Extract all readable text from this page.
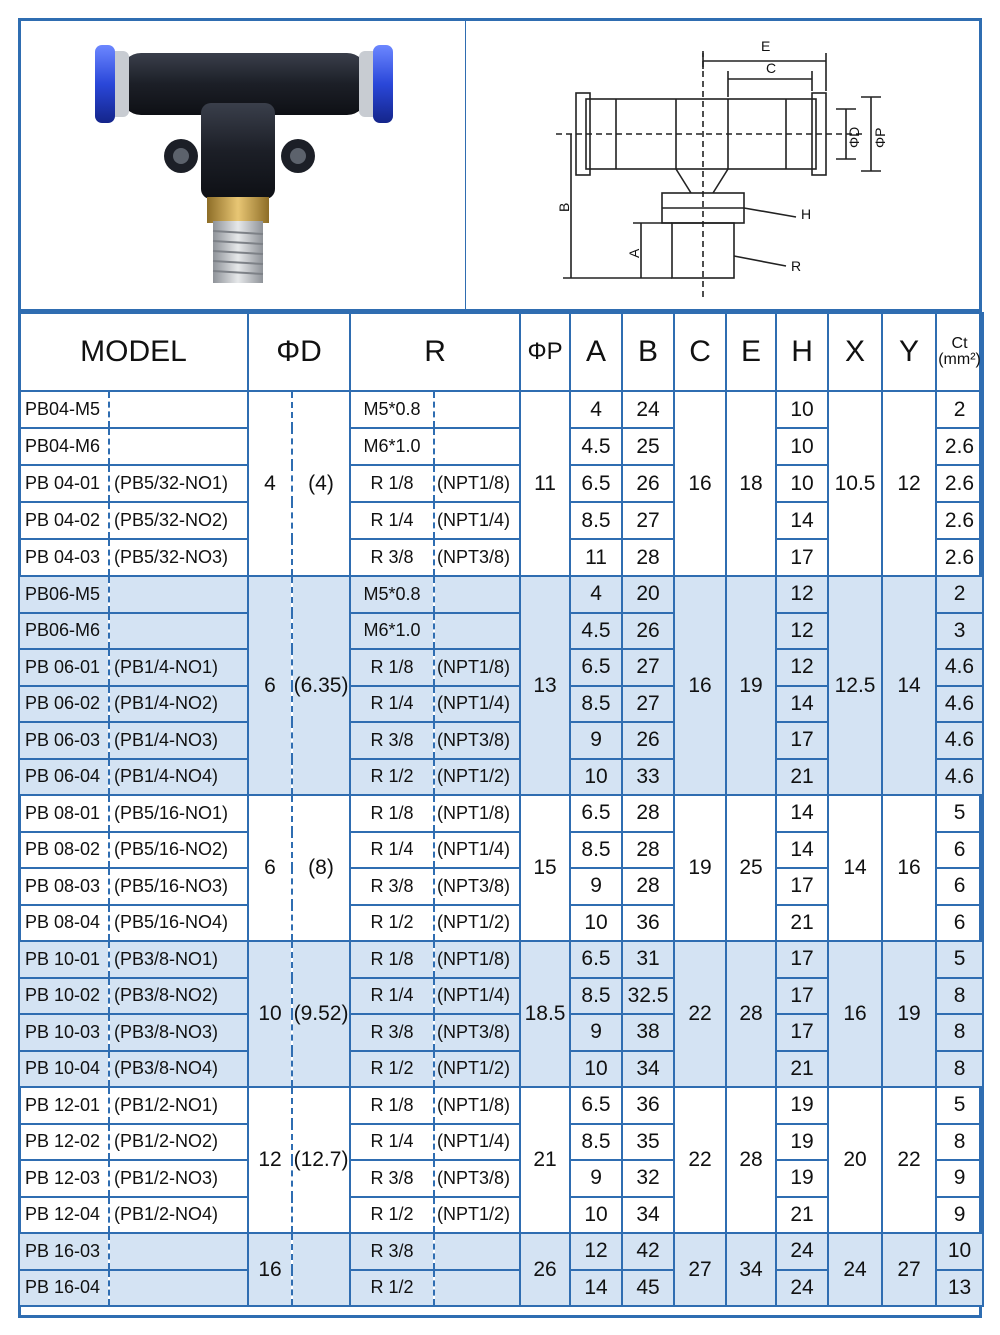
E
C
ΦD ΦP
B
A
H
R
MODEL		ΦD		R		ΦP	A	B	C	E	H	X	Y	Ct
(mm²)

PB04-M5		4	(4)	M5*0.8		11	4	24	16	18	10	10.5	12	2
PB04-M6				M6*1.0			4.5	25			10			2.6
PB 04-01	(PB5/32-NO1)			R 1/8	(NPT1/8)		6.5	26			10			2.6
PB 04-02	(PB5/32-NO2)			R 1/4	(NPT1/4)		8.5	27			14			2.6
PB 04-03	(PB5/32-NO3)			R 3/8	(NPT3/8)		11	28			17			2.6
PB06-M5		6	(6.35)	M5*0.8		13	4	20	16	19	12	12.5	14	2
PB06-M6				M6*1.0			4.5	26			12			3
PB 06-01	(PB1/4-NO1)			R 1/8	(NPT1/8)		6.5	27			12			4.6
PB 06-02	(PB1/4-NO2)			R 1/4	(NPT1/4)		8.5	27			14			4.6
PB 06-03	(PB1/4-NO3)			R 3/8	(NPT3/8)		9	26			17			4.6
PB 06-04	(PB1/4-NO4)			R 1/2	(NPT1/2)		10	33			21			4.6
PB 08-01	(PB5/16-NO1)	6	(8)	R 1/8	(NPT1/8)	15	6.5	28	19	25	14	14	16	5
PB 08-02	(PB5/16-NO2)			R 1/4	(NPT1/4)		8.5	28			14			6
PB 08-03	(PB5/16-NO3)			R 3/8	(NPT3/8)		9	28			17			6
PB 08-04	(PB5/16-NO4)			R 1/2	(NPT1/2)		10	36			21			6
PB 10-01	(PB3/8-NO1)	10	(9.52)	R 1/8	(NPT1/8)	18.5	6.5	31	22	28	17	16	19	5
PB 10-02	(PB3/8-NO2)			R 1/4	(NPT1/4)		8.5	32.5			17			8
PB 10-03	(PB3/8-NO3)			R 3/8	(NPT3/8)		9	38			17			8
PB 10-04	(PB3/8-NO4)			R 1/2	(NPT1/2)		10	34			21			8
PB 12-01	(PB1/2-NO1)	12	(12.7)	R 1/8	(NPT1/8)	21	6.5	36	22	28	19	20	22	5
PB 12-02	(PB1/2-NO2)			R 1/4	(NPT1/4)		8.5	35			19			8
PB 12-03	(PB1/2-NO3)			R 3/8	(NPT3/8)		9	32			19			9
PB 12-04	(PB1/2-NO4)			R 1/2	(NPT1/2)		10	34			21			9
PB 16-03		16		R 3/8		26	12	42	27	34	24	24	27	10
PB 16-04				R 1/2			14	45			24			13
